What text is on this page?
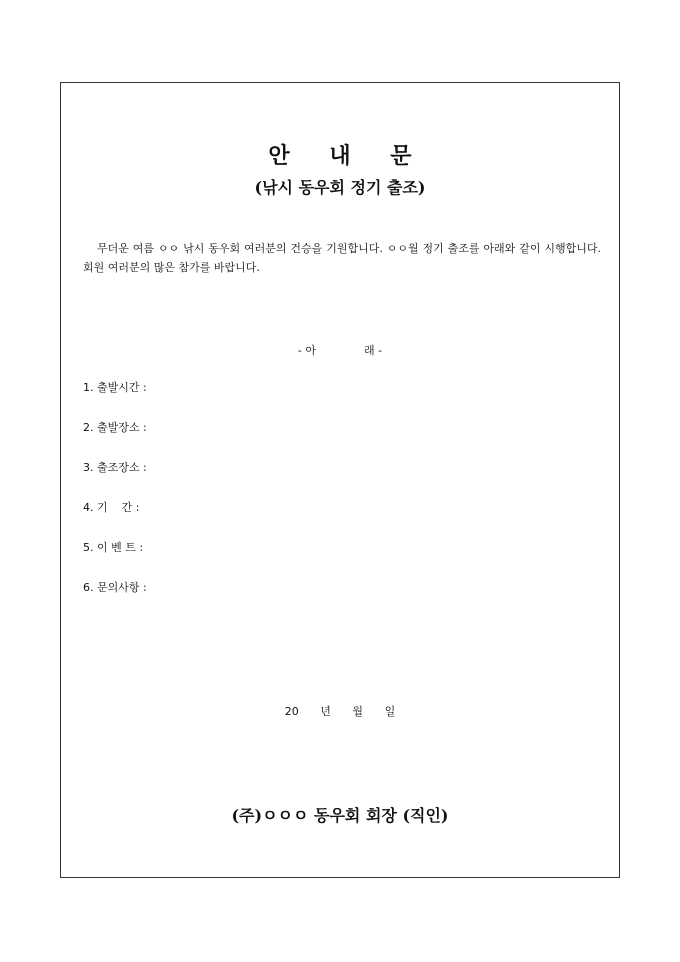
안 내 문
(낚시 동우회 정기 출조)

무더운 여름 ㅇㅇ 낚시 동우회 여러분의 건승을 기원합니다. ㅇㅇ월 정기 출조를 아래와 같이 시행합니다. 회원 여러분의 많은 참가를 바랍니다.

- 아	래 -
1. 출발시간 :
2. 출발장소 :
3. 출조장소 :
4. 기    간 :
5. 이 벤 트 :
6. 문의사항 :
20 년 월 일
(주)ㅇㅇㅇ 동우회 회장 (직인)
